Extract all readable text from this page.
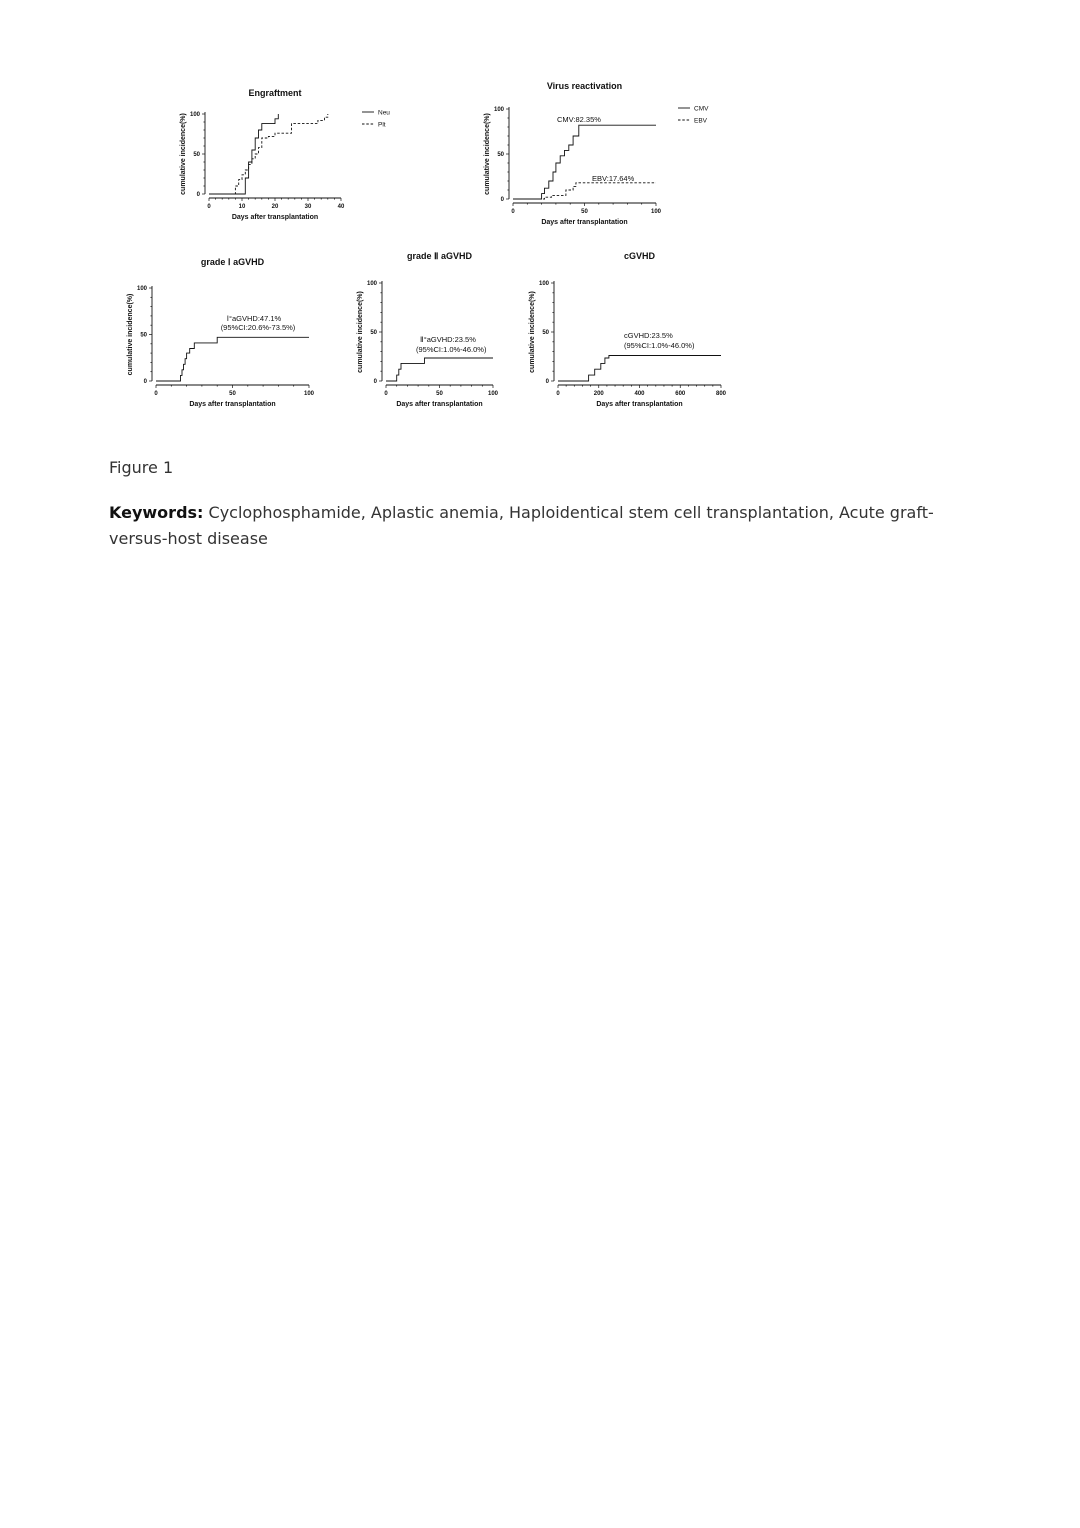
Engraftment
0
50
100
0	10	20	30	40
Days after transplantation
cumulative incidence(%)
Neu
Plt
Virus reactivation
0
50
100
0	50	100
Days after transplantation
cumulative incidence(%)	CMV:82.35%
EBV:17.64%
CMV
EBV
grade Ⅰ aGVHD
0
50
100
0	50	100
Days after transplantation
cumulative incidence(%)	Ⅰ°aGVHD:47.1%
(95%CI:20.6%-73.5%)
grade Ⅱ aGVHD
0
50
100
0	50	100
Days after transplantation
cumulative incidence(%)	Ⅱ°aGVHD:23.5%
(95%CI:1.0%-46.0%)
cGVHD
0
50
100
0	200	400	600	800
Days after transplantation
cumulative incidence(%)	cGVHD:23.5%
(95%CI:1.0%-46.0%)

Figure 1

Keywords: Cyclophosphamide, Aplastic anemia, Haploidentical stem cell transplantation, Acute graft-versus-host disease
